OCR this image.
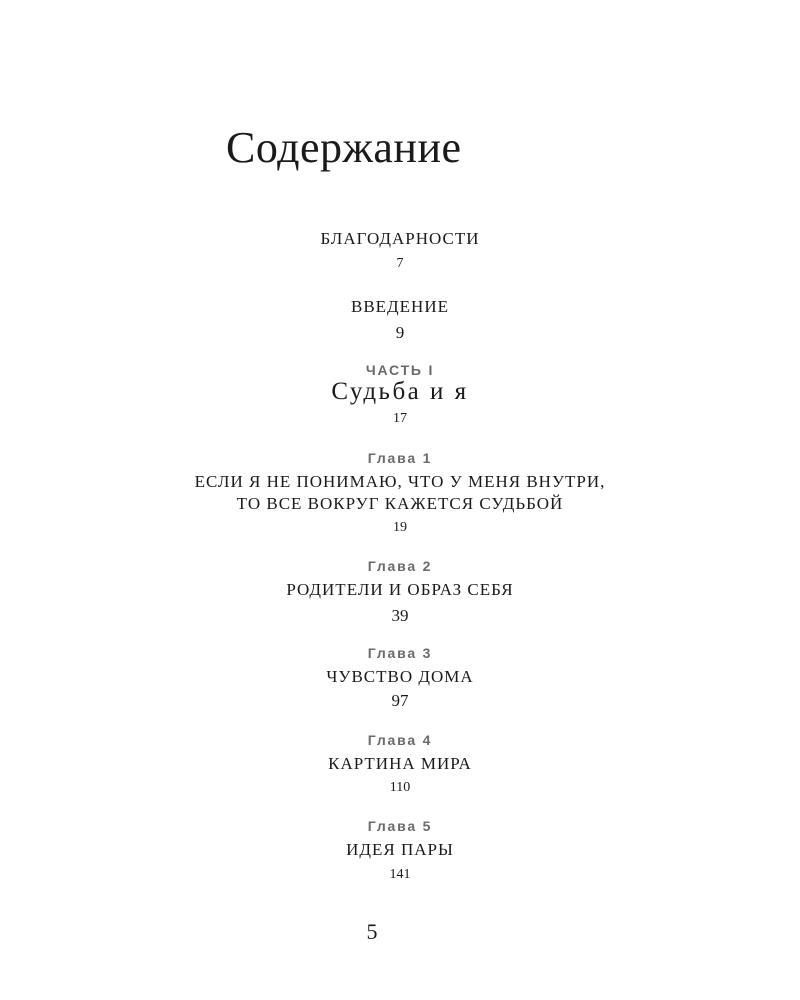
Содержание
БЛАГОДАРНОСТИ
7
ВВЕДЕНИЕ
9
ЧАСТЬ I
Судьба и я
17
Глава 1
ЕСЛИ Я НЕ ПОНИМАЮ, ЧТО У МЕНЯ ВНУТРИ,
ТО ВСЕ ВОКРУГ КАЖЕТСЯ СУДЬБОЙ
19
Глава 2
РОДИТЕЛИ И ОБРАЗ СЕБЯ
39
Глава 3
ЧУВСТВО ДОМА
97
Глава 4
КАРТИНА МИРА
110
Глава 5
ИДЕЯ ПАРЫ
141
5
